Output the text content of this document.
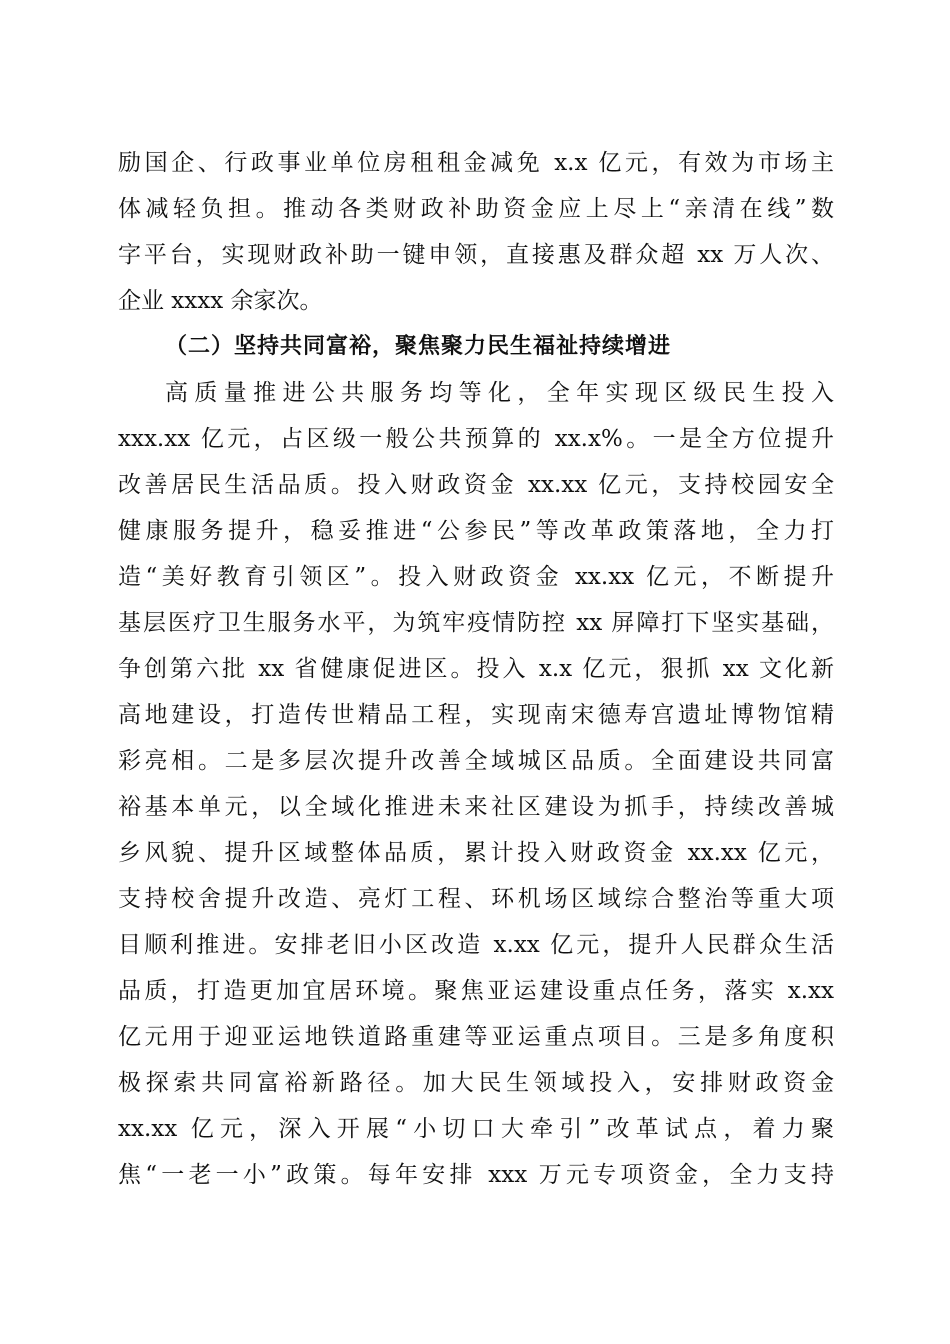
励国企、行政事业单位房租租金减免 x.x 亿元，有效为市场主
体减轻负担。推动各类财政补助资金应上尽上“亲清在线”数
字平台，实现财政补助一键申领，直接惠及群众超 xx 万人次、
企业 xxxx 余家次。
（二）坚持共同富裕，聚焦聚力民生福祉持续增进
高质量推进公共服务均等化，全年实现区级民生投入
xxx.xx 亿元，占区级一般公共预算的 xx.x%。一是全方位提升
改善居民生活品质。投入财政资金 xx.xx 亿元，支持校园安全
健康服务提升，稳妥推进“公参民”等改革政策落地，全力打
造“美好教育引领区”。投入财政资金 xx.xx 亿元，不断提升
基层医疗卫生服务水平，为筑牢疫情防控 xx 屏障打下坚实基础，
争创第六批 xx 省健康促进区。投入 x.x 亿元，狠抓 xx 文化新
高地建设，打造传世精品工程，实现南宋德寿宫遗址博物馆精
彩亮相。二是多层次提升改善全域城区品质。全面建设共同富
裕基本单元，以全域化推进未来社区建设为抓手，持续改善城
乡风貌、提升区域整体品质，累计投入财政资金 xx.xx 亿元，
支持校舍提升改造、亮灯工程、环机场区域综合整治等重大项
目顺利推进。安排老旧小区改造 x.xx 亿元，提升人民群众生活
品质，打造更加宜居环境。聚焦亚运建设重点任务，落实 x.xx
亿元用于迎亚运地铁道路重建等亚运重点项目。三是多角度积
极探索共同富裕新路径。加大民生领域投入，安排财政资金
xx.xx 亿元，深入开展“小切口大牵引”改革试点，着力聚
焦“一老一小”政策。每年安排 xxx 万元专项资金，全力支持
